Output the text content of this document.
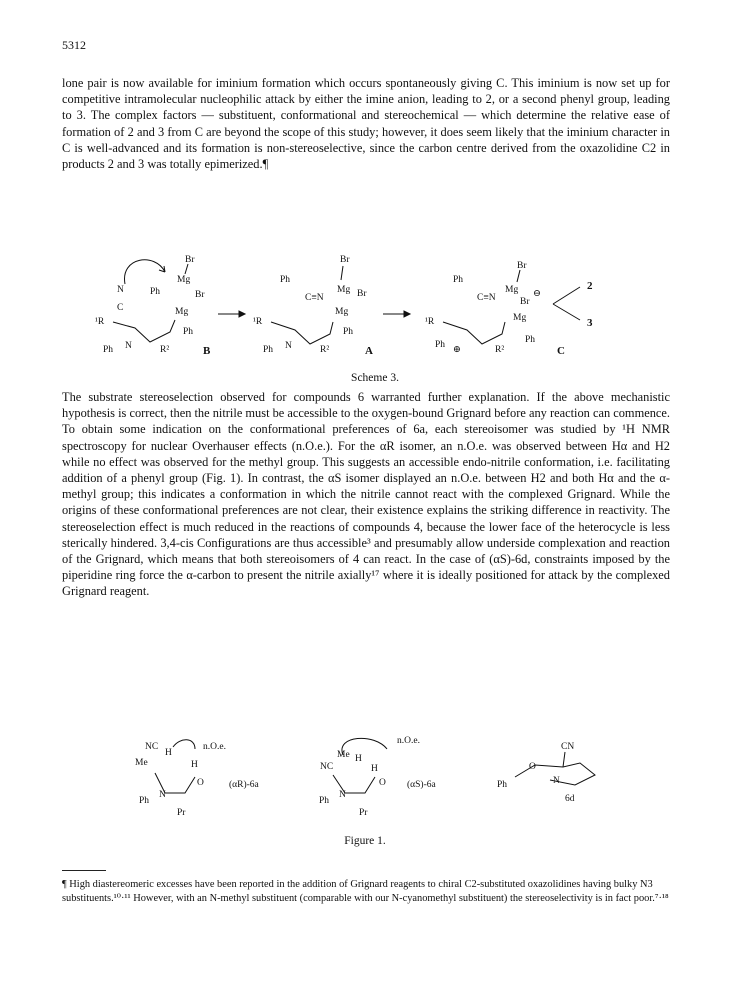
5312

lone pair is now available for iminium formation which occurs spontaneously giving C. This iminium is now set up for competitive intramolecular nucleophilic attack by either the imine anion, leading to 2, or a second phenyl group, leading to 3. The complex factors — substituent, conformational and stereochemical — which determine the relative ease of formation of 2 and 3 from C are beyond the scope of this study; however, it does seem likely that the iminium character in C is well-advanced and its formation is non-stereoselective, since the carbon centre derived from the oxazolidine C2 in products 2 and 3 was totally epimerized.¶

Br
Mg
N	Ph	Br
C	Mg
¹R
Ph
Ph N	R²	B
Br
Ph
Mg Br
C≡N
Mg
¹R
Ph
Ph N	R²	A
Br
Ph
Mg ⊖
C≡N	Br
Mg
¹R
Ph
Ph ⊕	R²	C
2
3
Scheme 3.

The substrate stereoselection observed for compounds 6 warranted further explanation. If the above mechanistic hypothesis is correct, then the nitrile must be accessible to the oxygen-bound Grignard before any reaction can commence. To obtain some indication on the conformational preferences of 6a, each stereoisomer was studied by ¹H NMR spectroscopy for nuclear Overhauser effects (n.O.e.). For the αR isomer, an n.O.e. was observed between Hα and H2 while no effect was observed for the methyl group. This suggests an accessible endo-nitrile conformation, i.e. facilitating addition of a phenyl group (Fig. 1). In contrast, the αS isomer displayed an n.O.e. between H2 and both Hα and the α-methyl group; this indicates a conformation in which the nitrile cannot react with the complexed Grignard. While the origins of these conformational preferences are not clear, their existence explains the striking difference in reactivity. The stereoselection effect is much reduced in the reactions of compounds 4, because the lower face of the heterocycle is less sterically hindered. 3,4-cis Configurations are thus accessible³ and presumably allow underside complexation and reaction of the Grignard, which means that both stereoisomers of 4 can react. In the case of (αS)-6d, constraints imposed by the piperidine ring force the α-carbon to present the nitrile axially¹⁷ where it is ideally positioned for attack by the complexed Grignard reagent.

NC
H
n.O.e.
Me	H
O
Ph
N
Pr
(αR)-6a
n.O.e.
Me H
NC	H
O
Ph
N
Pr
(αS)-6a
CN
O
N
Ph
6d
Figure 1.

¶ High diastereomeric excesses have been reported in the addition of Grignard reagents to chiral C2-substituted oxazolidines having bulky N3 substituents.¹⁰·¹¹ However, with an N-methyl substituent (comparable with our N-cyanomethyl substituent) the stereoselectivity is in fact poor.⁷·¹⁸
